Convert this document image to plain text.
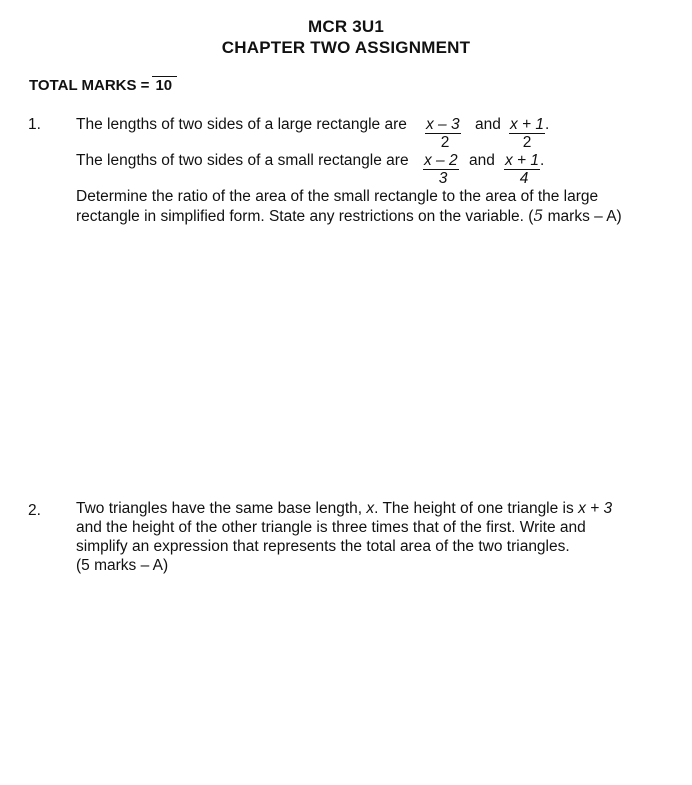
MCR 3U1
CHAPTER TWO ASSIGNMENT
TOTAL MARKS = 10
1. The lengths of two sides of a large rectangle are x – 3 and x + 1.
2	2
The lengths of two sides of a small rectangle are x – 2 and x + 1.
3	4
Determine the ratio of the area of the small rectangle to the area of the large
rectangle in simplified form. State any restrictions on the variable. (5 marks – A)
2. Two triangles have the same base length, x. The height of one triangle is x + 3
and the height of the other triangle is three times that of the first. Write and
simplify an expression that represents the total area of the two triangles.
(5 marks – A)
